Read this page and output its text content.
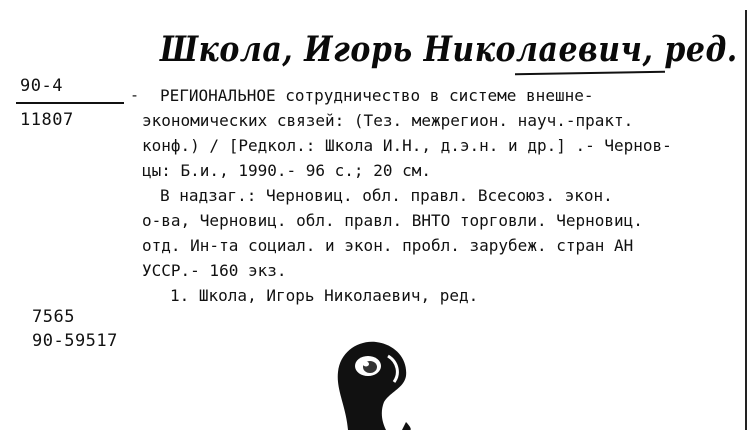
Школа, Игорь Николаевич, ред.
90-4
11807
- РЕГИОНАЛЬНОЕ сотрудничество в системе внешне-
экономических связей: (Тез. межрегион. науч.-практ.
конф.) / [Редкол.: Школа И.Н., д.э.н. и др.] .- Чернов-
цы: Б.и., 1990.- 96 с.; 20 см.
В надзаг.: Черновиц. обл. правл. Всесоюз. экон.
о-ва, Черновиц. обл. правл. ВНТО торговли. Черновиц.
отд. Ин-та социал. и экон. пробл. зарубеж. стран АН
УССР.- 160 экз.
1. Школа, Игорь Николаевич, ред.
7565
90-59517
